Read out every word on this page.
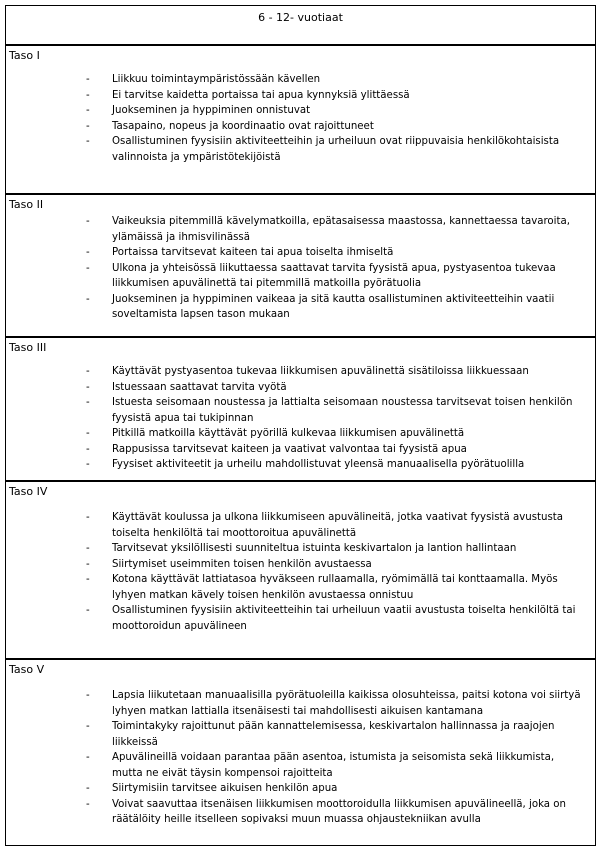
6 - 12- vuotiaat
Taso I
- Liikkuu toimintaympäristössään kävellen
- Ei tarvitse kaidetta portaissa tai apua kynnyksiä ylittäessä
- Juokseminen ja hyppiminen onnistuvat
- Tasapaino, nopeus ja koordinaatio ovat rajoittuneet
- Osallistuminen fyysisiin aktiviteetteihin ja urheiluun ovat riippuvaisia henkilökohtaisista valinnoista ja ympäristötekijöistä
Taso II
- Vaikeuksia pitemmillä kävelymatkoilla, epätasaisessa maastossa, kannettaessa tavaroita, ylämäissä ja ihmisvilinässä
- Portaissa tarvitsevat kaiteen tai apua toiselta ihmiseltä
- Ulkona ja yhteisössä liikuttaessa saattavat tarvita fyysistä apua, pystyasentoa tukevaa liikkumisen apuvälinettä tai pitemmillä matkoilla pyörätuolia
- Juokseminen ja hyppiminen vaikeaa ja sitä kautta osallistuminen aktiviteetteihin vaatii soveltamista lapsen tason mukaan
Taso III
- Käyttävät pystyasentoa tukevaa liikkumisen apuvälinettä sisätiloissa liikkuessaan
- Istuessaan saattavat tarvita vyötä
- Istuesta seisomaan noustessa ja lattialta seisomaan noustessa tarvitsevat toisen henkilön fyysistä apua tai tukipinnan
- Pitkillä matkoilla käyttävät pyörillä kulkevaa liikkumisen apuvälinettä
- Rappusissa tarvitsevat kaiteen ja vaativat valvontaa tai fyysistä apua
- Fyysiset aktiviteetit ja urheilu mahdollistuvat yleensä manuaalisella pyörätuolilla
Taso IV
- Käyttävät koulussa ja ulkona liikkumiseen apuvälineitä, jotka vaativat fyysistä avustusta toiselta henkilöltä tai moottoroitua apuvälinettä
- Tarvitsevat yksilöllisesti suunniteltua istuinta keskivartalon ja lantion hallintaan
- Siirtymiset useimmiten toisen henkilön avustaessa
- Kotona käyttävät lattiatasoa hyväkseen rullaamalla, ryömimällä tai konttaamalla. Myös lyhyen matkan kävely toisen henkilön avustaessa onnistuu
- Osallistuminen fyysisiin aktiviteetteihin tai urheiluun vaatii avustusta toiselta henkilöltä tai moottoroidun apuvälineen
Taso V
- Lapsia liikutetaan manuaalisilla pyörätuoleilla kaikissa olosuhteissa, paitsi kotona voi siirtyä lyhyen matkan lattialla itsenäisesti tai mahdollisesti aikuisen kantamana
- Toimintakyky rajoittunut pään kannattelemisessa, keskivartalon hallinnassa ja raajojen liikkeissä
- Apuvälineillä voidaan parantaa pään asentoa, istumista ja seisomista sekä liikkumista, mutta ne eivät täysin kompensoi rajoitteita
- Siirtymisiin tarvitsee aikuisen henkilön apua
- Voivat saavuttaa itsenäisen liikkumisen moottoroidulla liikkumisen apuvälineellä, joka on räätälöity heille itselleen sopivaksi muun muassa ohjaustekniikan avulla
